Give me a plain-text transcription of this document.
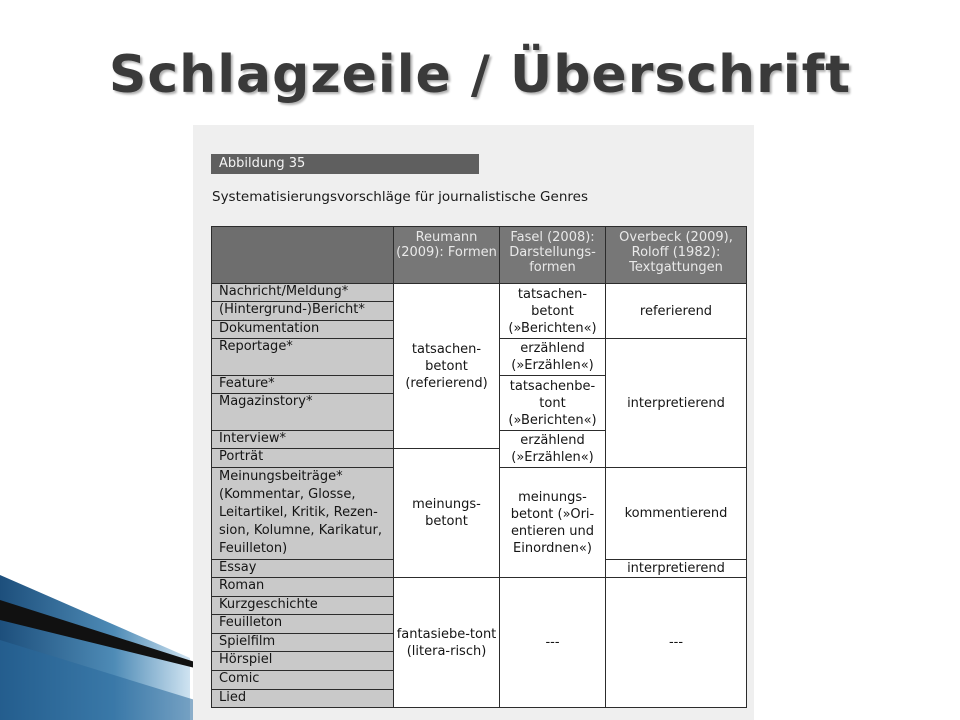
Schlagzeile / Überschrift
Abbildung 35
Systematisierungsvorschläge für journalistische Genres
	Reumann (2009): Formen	Fasel (2008): Darstellungs-formen	Overbeck (2009), Roloff (1982): Textgattungen
Nachricht/Meldung*	tatsachen-betont (referierend)	tatsachen-betont (»Berichten«)	referierend
(Hintergrund-)Bericht*			
Dokumentation			
Reportage*		erzählend (»Erzählen«)	interpretierend
Feature*		tatsachenbe-tont (»Berichten«)	
Magazinstory*			
Interview*		erzählend (»Erzählen«)	
Porträt	meinungs-betont		
Meinungsbeiträge* (Kommentar, Glosse, Leitartikel, Kritik, Rezen-sion, Kolumne, Karikatur, Feuilleton)		meinungs-betont (»Ori-entieren und Einordnen«)	kommentierend
Essay			interpretierend
Roman	fantasiebe-tont (litera-risch)	---	---
Kurzgeschichte			
Feuilleton			
Spielfilm			
Hörspiel			
Comic			
Lied			
